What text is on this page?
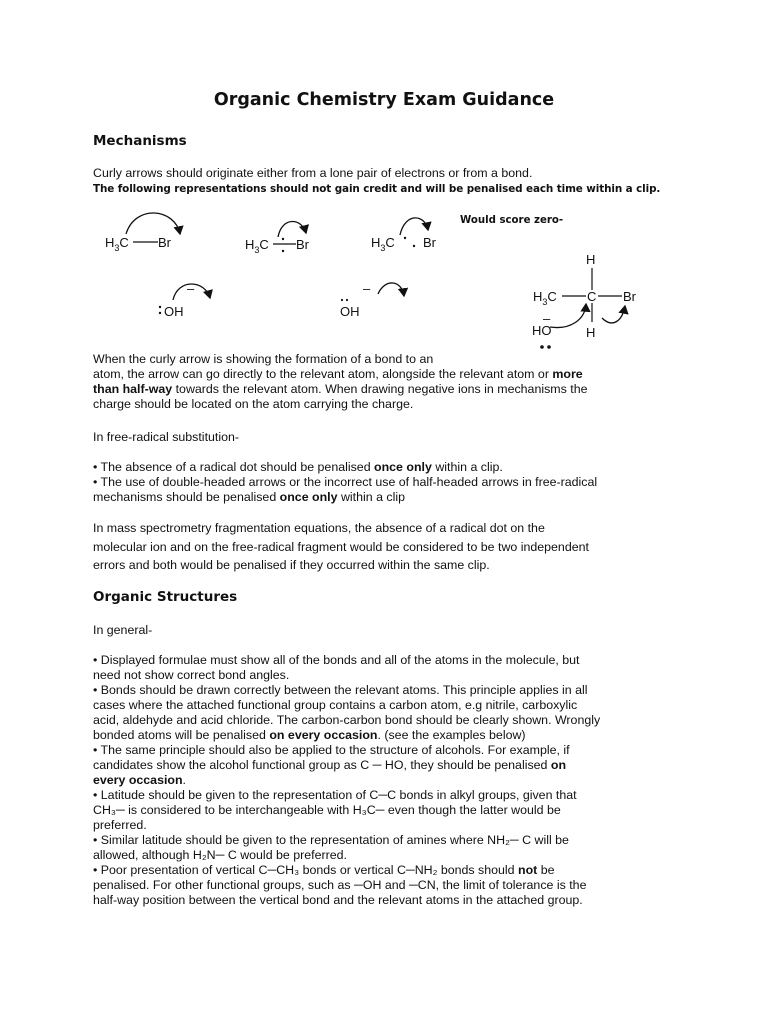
Organic Chemistry Exam Guidance
Mechanisms
Curly arrows should originate either from a lone pair of electrons or from a bond.
The following representations should not gain credit and will be penalised each time within a clip.
Would score zero-
$H_3C$ Br	$H_3C$ Br	$H_3C$ Br
OH
–
OH
–
H
$H_3C$ C Br
H
–
HO
When the curly arrow is showing the formation of a bond to an
atom, the arrow can go directly to the relevant atom, alongside the relevant atom or more
than half-way towards the relevant atom. When drawing negative ions in mechanisms the
charge should be located on the atom carrying the charge.
In free-radical substitution-
• The absence of a radical dot should be penalised once only within a clip.
• The use of double-headed arrows or the incorrect use of half-headed arrows in free-radical
mechanisms should be penalised once only within a clip
In mass spectrometry fragmentation equations, the absence of a radical dot on the
molecular ion and on the free-radical fragment would be considered to be two independent
errors and both would be penalised if they occurred within the same clip.
Organic Structures
In general-
• Displayed formulae must show all of the bonds and all of the atoms in the molecule, but
need not show correct bond angles.
• Bonds should be drawn correctly between the relevant atoms. This principle applies in all
cases where the attached functional group contains a carbon atom, e.g nitrile, carboxylic
acid, aldehyde and acid chloride. The carbon-carbon bond should be clearly shown. Wrongly
bonded atoms will be penalised on every occasion. (see the examples below)
• The same principle should also be applied to the structure of alcohols. For example, if
candidates show the alcohol functional group as C ─ HO, they should be penalised on
every occasion.
• Latitude should be given to the representation of C─C bonds in alkyl groups, given that
CH₃─ is considered to be interchangeable with H₃C─ even though the latter would be
preferred.
• Similar latitude should be given to the representation of amines where NH₂─ C will be
allowed, although H₂N─ C would be preferred.
• Poor presentation of vertical C─CH₃ bonds or vertical C─NH₂ bonds should not be
penalised. For other functional groups, such as ─OH and ─CN, the limit of tolerance is the
half-way position between the vertical bond and the relevant atoms in the attached group.
